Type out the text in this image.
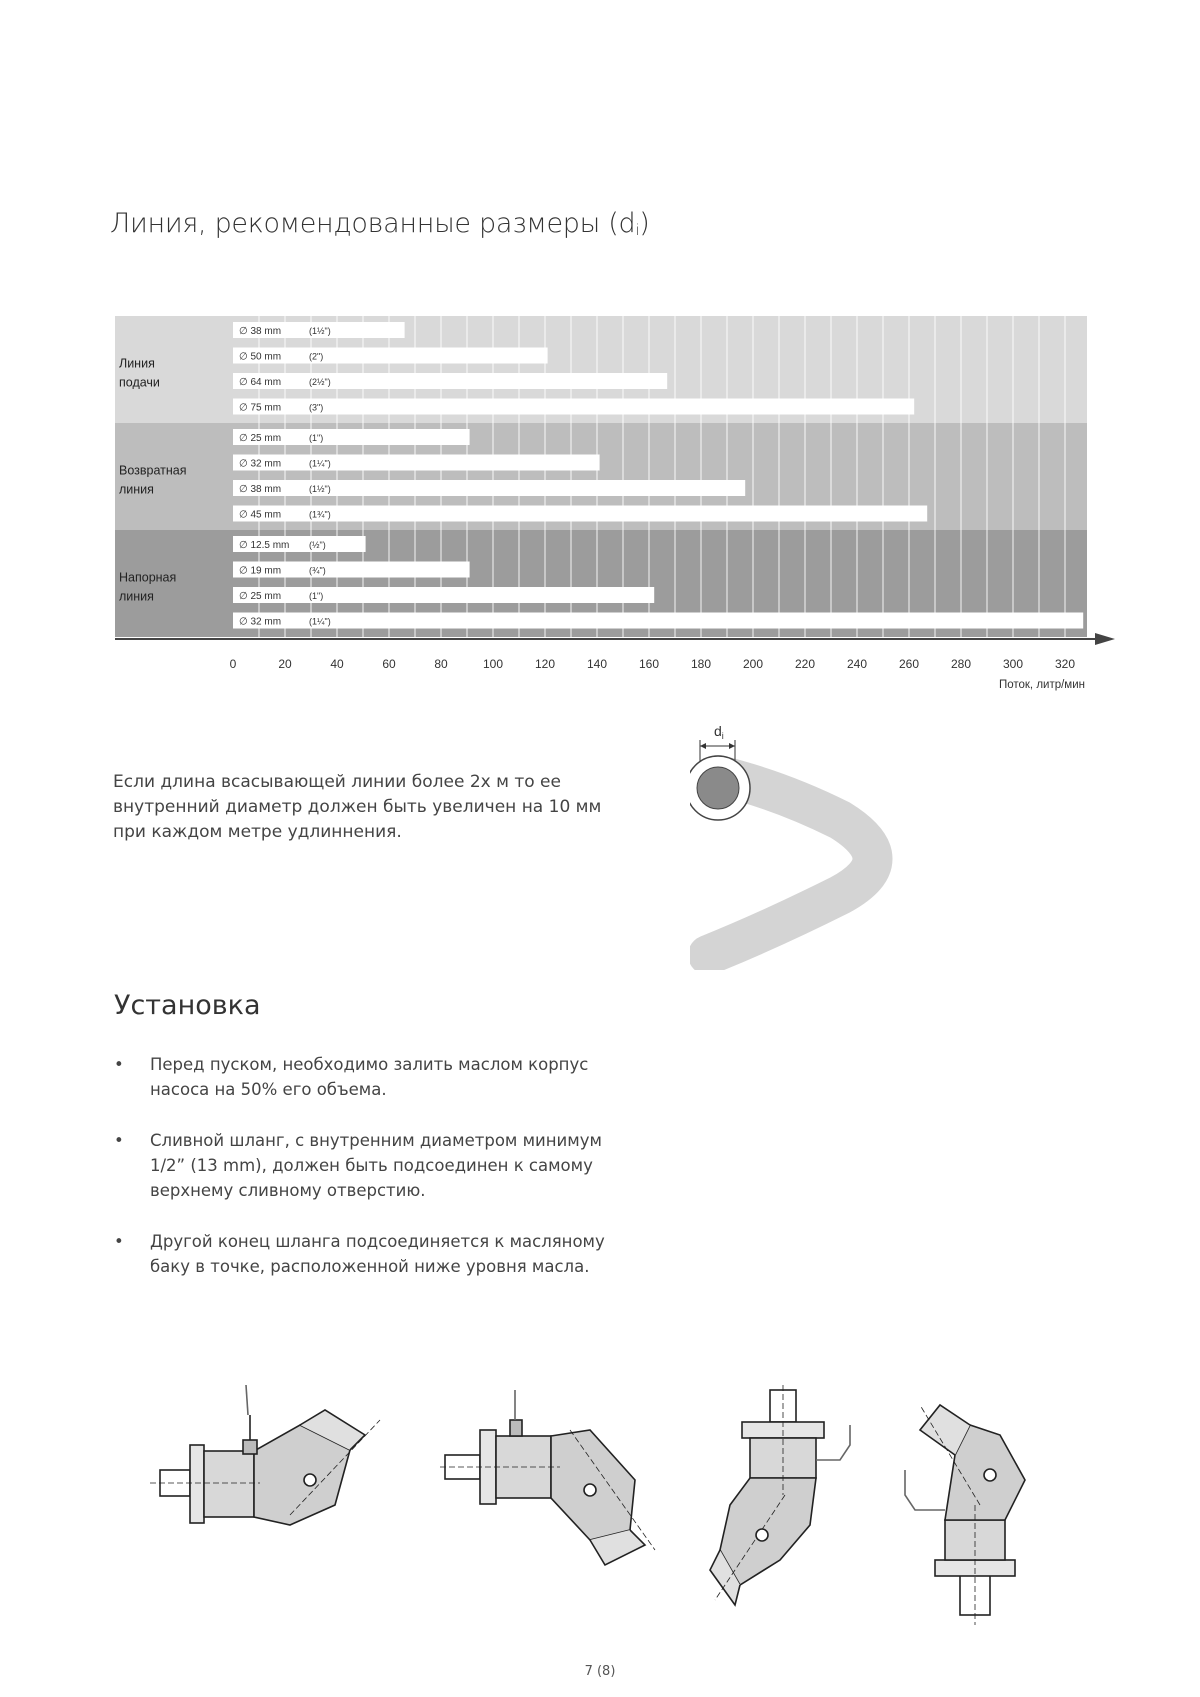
Линия, рекомендованные размеры $(d_i)$
Линия подачи
Возвратная линия
Напорная линия
∅ 38 mm	(1½")
∅ 50 mm	(2")
∅ 64 mm	(2½")
∅ 75 mm	(3")
∅ 25 mm	(1")
∅ 32 mm	(1¼")
∅ 38 mm	(1½")
∅ 45 mm	(1¾")
∅ 12.5 mm (½")
∅ 19 mm	(¾")
∅ 25 mm	(1")
∅ 32 mm	(1¼")
0	20	40	60	80	100	120	140	160	180	200	220	240	260	280	300	320
Поток, литр/мин
$d_i$
Если длина всасывающей линии более 2х м то ее внутренний диаметр должен быть увеличен на 10 мм при каждом метре удлиннения.
Установка
• Перед пуском, необходимо залить маслом корпус насоса на 50% его объема.
• Сливной шланг, с внутренним диаметром минимум 1/2” (13 mm), должен быть подсоединен к самому верхнему сливному отверстию.
• Другой конец шланга подсоединяется к масляному баку в точке, расположенной ниже уровня масла.
7 (8)
